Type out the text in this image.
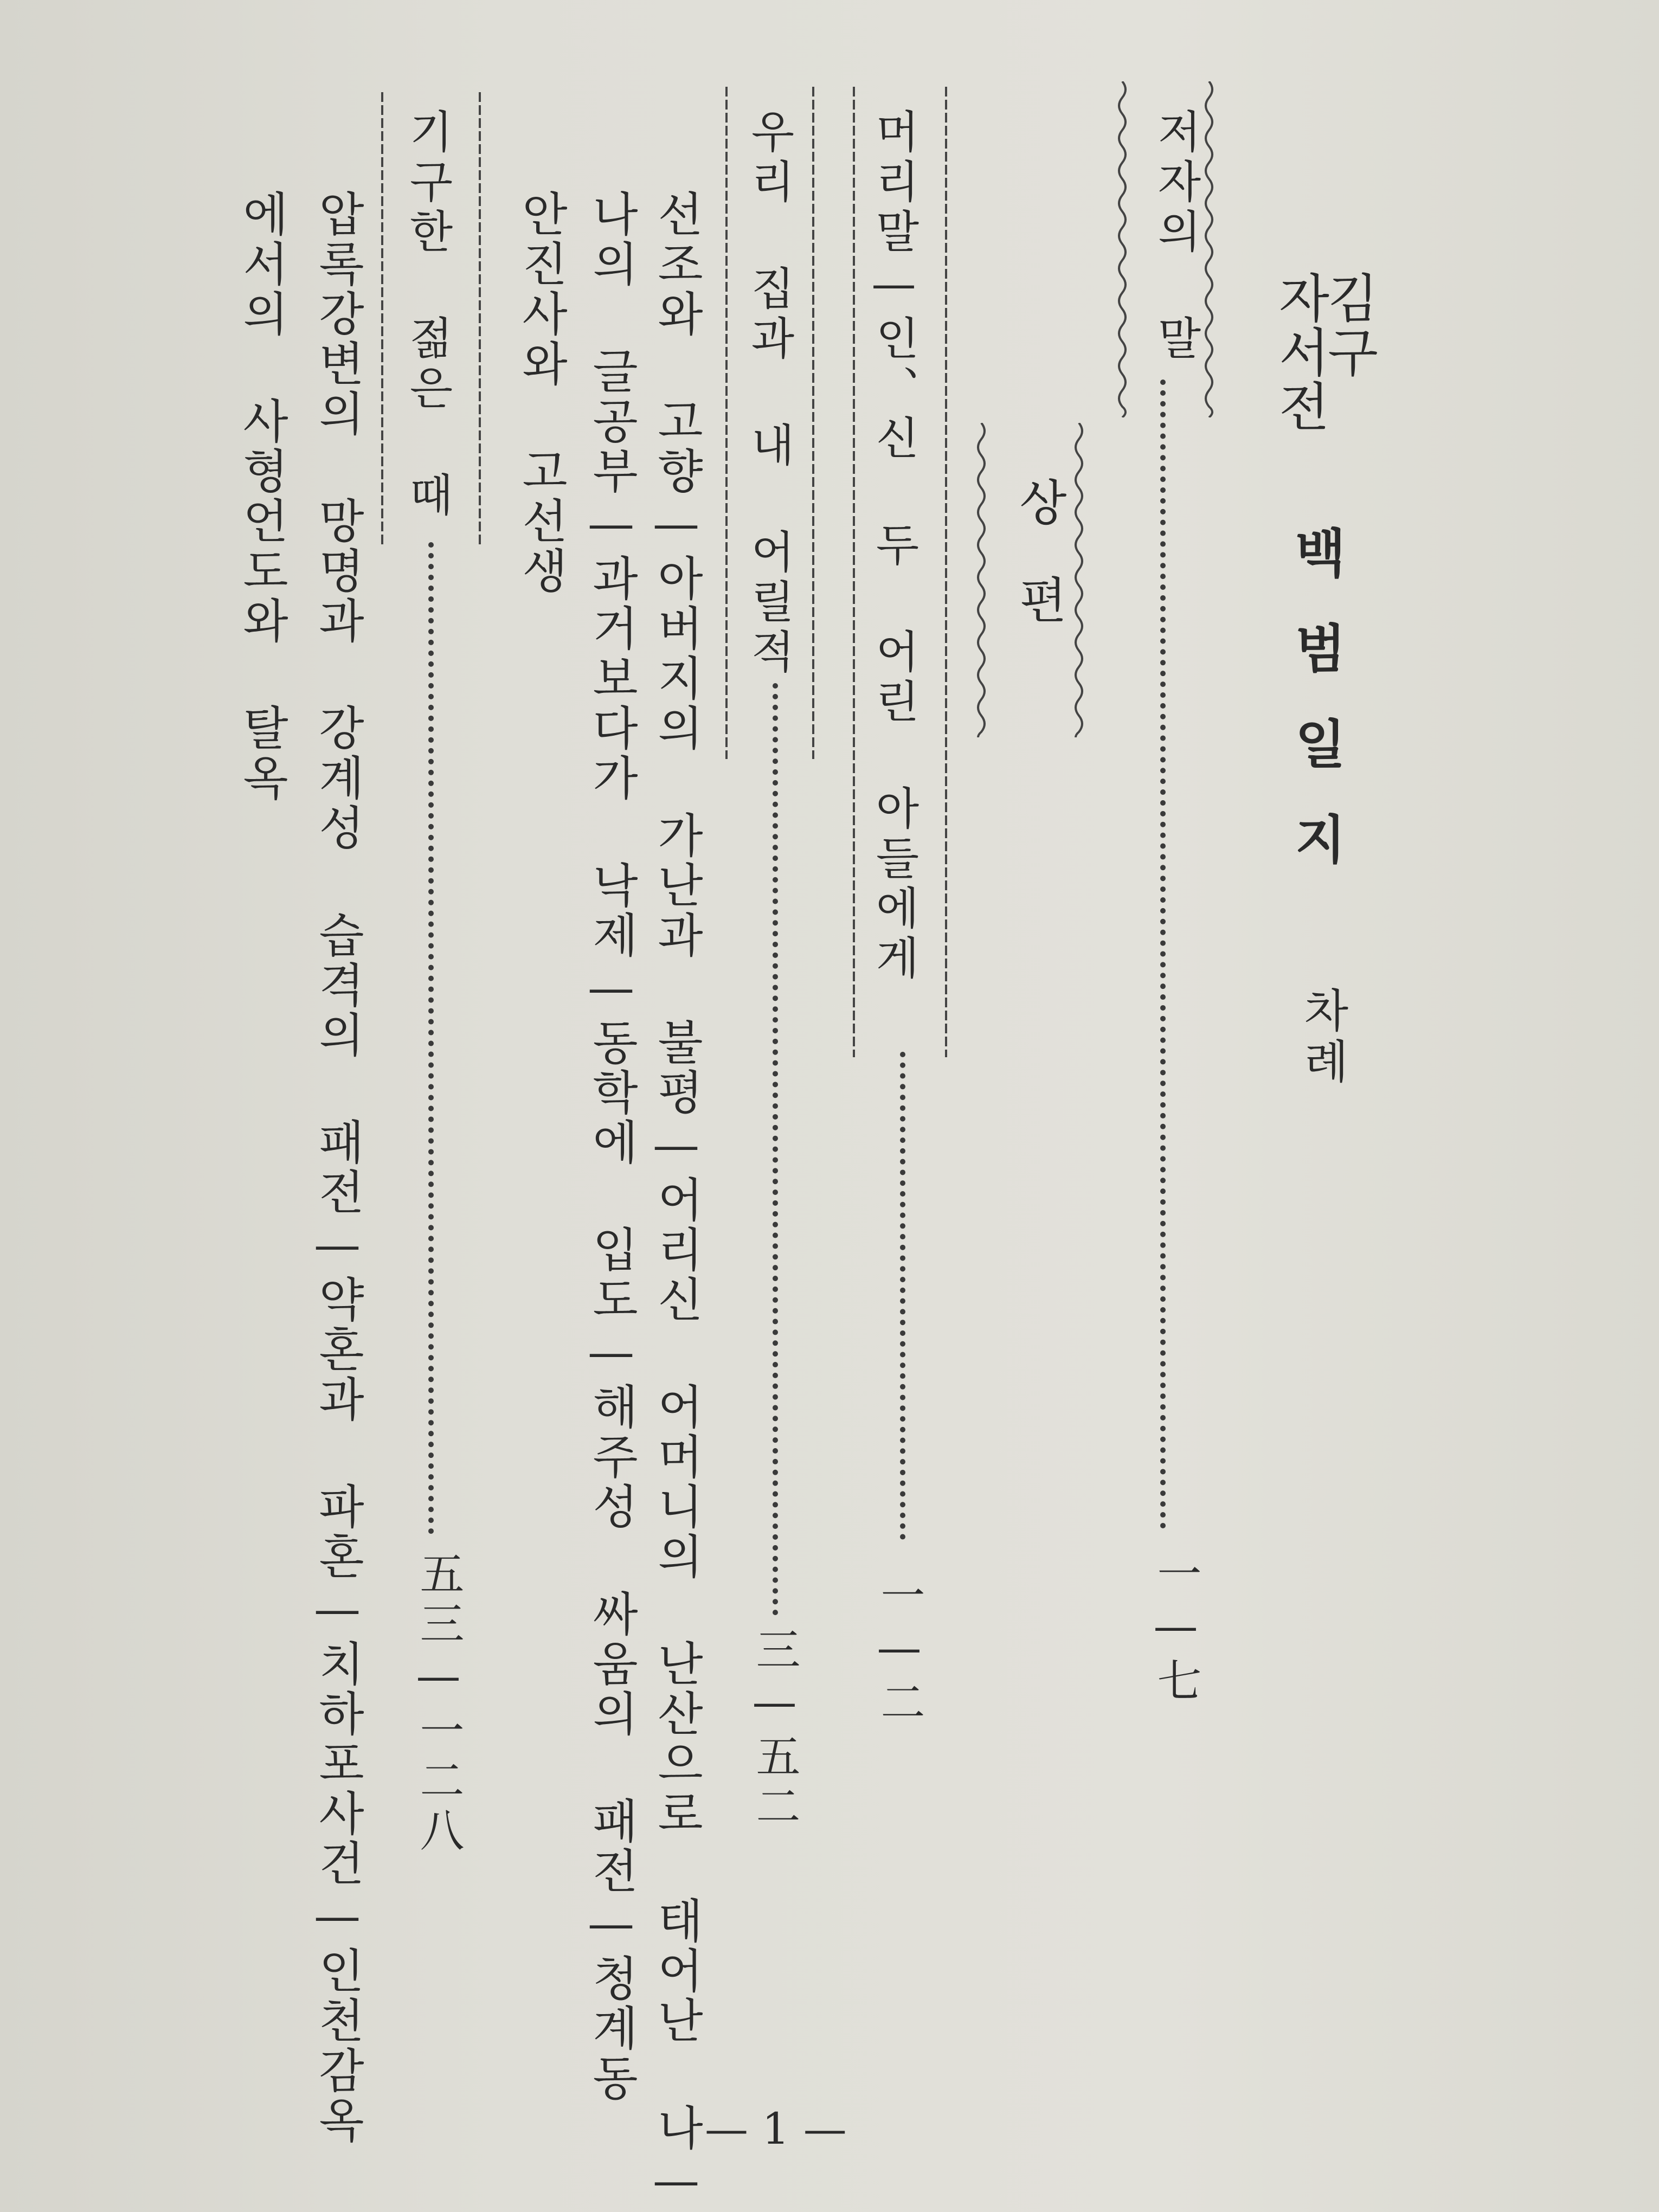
김구
자서전
백범일지
차례
저자의 말
一—七
상편
머리말—인、신 두 어린 아들에게
一—二
우리 집과 내 어릴적
三—五二
선조와 고향—아버지의 가난과 불평—어리신 어머니의 난산으로 태어난 나—
나의 글공부—과거보다가 낙제—동학에 입도—해주성 싸움의 패전—청계동
안진사와 고선생
기구한 젊은 때
五三—一二八
압록강변의 망명과 강계성 습격의 패전—약혼과 파혼—치하포사건—인천감옥
에서의 사형언도와 탈옥
— 1 —
